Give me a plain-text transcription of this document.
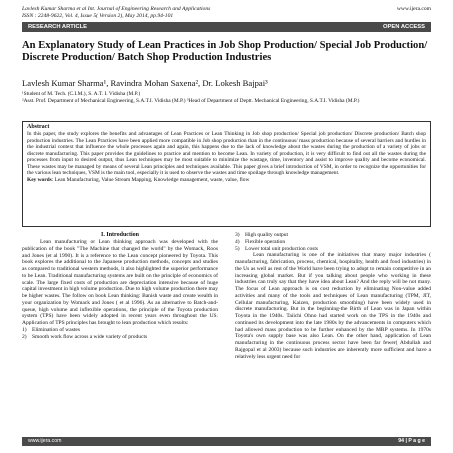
Lavlesh Kumar Sharma et al Int. Journal of Engineering Research and Applications
ISSN : 2248-9622, Vol. 4, Issue 5( Version 2), May 2014, pp.94-101
www.ijera.com
RESEARCH ARTICLE	OPEN ACCESS
An Explanatory Study of Lean Practices in Job Shop Production/ Special Job Production/ Discrete Production/ Batch Shop Production Industries
Lavlesh Kumar Sharma¹, Ravindra Mohan Saxena², Dr. Lokesh Bajpai³
¹Student of M. Tech. (C.I.M.), S. A.T. I. Vidisha (M.P.)
²Asst. Prof. Department of Mechanical Engineering, S.A.T.I. Vidisha (M.P.) ³Head of Department of Deptt. Mechanical Engineering, S.A.T.I. Vidisha (M.P.)
Abstract
In this paper, the study explores the benefits and advantages of Lean Practices or Lean Thinking in Job shop production/ Special job production/ Discrete production/ Batch shop production industries. The Lean Practices have been applied more compatible in Job shop production than in the continuous/ mass production because of several barriers and hurdles in the industrial context that influence the whole processes again and again, this happens due to the lack of knowledge about the wastes during the production of a variety of jobs or discrete manufacturing. This paper provides the guidelines to practice and mention to become Lean. In variety of production, it is very difficult to find out all the wastes during the processes from input to desired output, thus Lean techniques may be most suitable to minimize the wastage, time, inventory and assist to improve quality and become economical. These wastes may be managed by means of several Lean principles and techniques available. This paper gives a brief introduction of VSM, in order to recognize the opportunities for the various lean techniques, VSM is the main tool, especially it is used to observe the wastes and time spoilage through knowledge management.
Key words: Lean Manufacturing, Value Stream Mapping, Knowledge management, waste, value, flow
I. Introduction
Lean manufacturing or Lean thinking approach was developed with the publication of the book "The Machine that changed the world" by the Womack, Roos and Jones (et al 1990). It is a reference to the Lean concept pioneered by Toyota. This book explores the additional to the Japanese production methods, concepts and studies as compared to traditional western methods, it also highlighted the superior performance to be Lean. Traditional manufacturing systems are built on the principle of economics of scale. The large fixed costs of production are depreciation intensive because of huge capital investment in high volume production. Due to high volume production there may be higher wastes. The follow on book Lean thinking: Banish waste and create wealth in your organization by Womack and Jones ( et al 1996). As an alternative to Batch-and-queue, high volume and inflexible operations, the principle of the Toyota production system (TPS) have been widely adopted in recent years even throughout the US. Application of TPS principles has brought to lean production which results:
1) Elimination of wastes
2) Smooth work flow across a wide variety of products
3) High quality output
4) Flexible operation
5) Lower total unit production costs
Lean manufacturing is one of the initiatives that many major industries ( manufacturing, fabrication, process, chemical, hospitality, health and food industries) in the Us as well as rest of the World have been trying to adopt to remain competitive in an increasing global market. But if you talking about people who working in these industries can truly say that they have idea about Lean? And the reply will be not many. The focus of Lean approach is on cost reduction by eliminating Non-value added activities and many of the tools and techniques of Lean manufacturing (TPM, JIT, Cellular manufacturing, Kaizen, production smoothing) have been widely used in discrete manufacturing. But in the beginning-the Birth of Lean was in Japan within Toyota in the 1940s. Taiichi Ohno had started work on the TPS in the 1940s and continued its development into the late 1980s by the advancements in computers which had allowed mass production to be further enhanced by the MRP systems. In 1970s Toyota's own supply base was also Lean. On the other hand, application of Lean manufacturing in the continuous process sector have been far fewer( Abdullah and Rajgopal et al 2003) because such industries are inherently more sufficient and have a relatively less urgent need for
www.ijera.com	94 | P a g e
